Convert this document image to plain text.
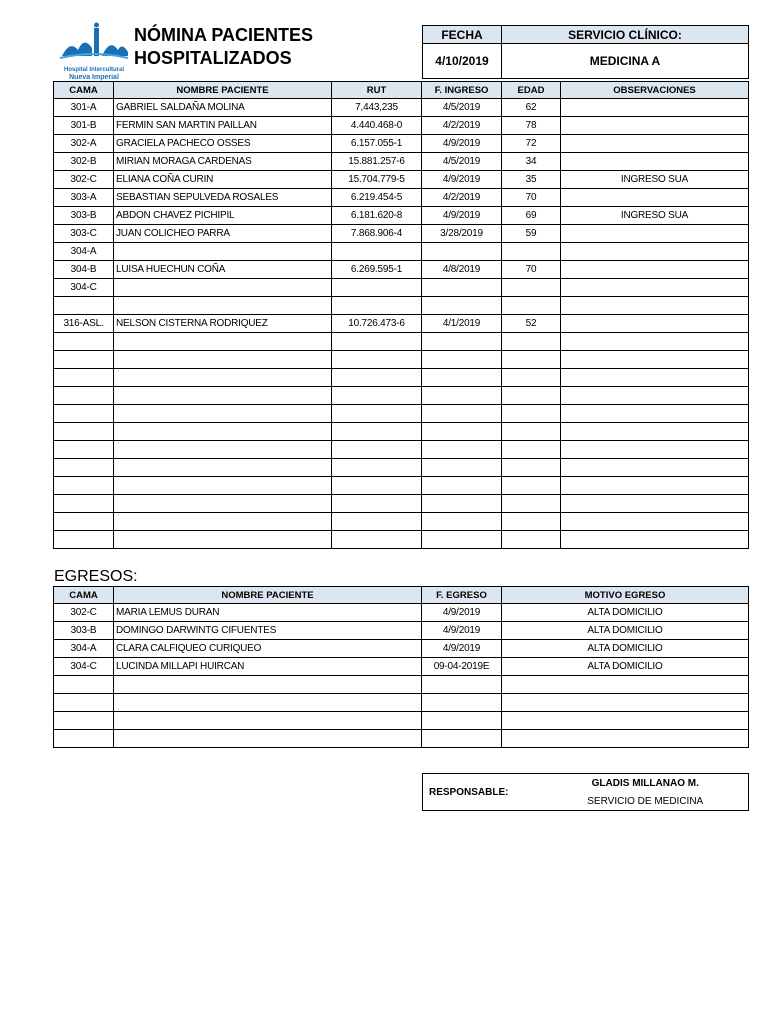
Hospital Intercultural
Nueva Imperial
NÓMINA PACIENTES
HOSPITALIZADOS
FECHA	SERVICIO CLÍNICO:
4/10/2019	MEDICINA A
CAMA	NOMBRE PACIENTE	RUT	F. INGRESO	EDAD	OBSERVACIONES
301-A	GABRIEL SALDAÑA MOLINA	7,443,235	4/5/2019	62	
301-B	FERMIN SAN MARTIN PAILLAN	4.440.468-0	4/2/2019	78	
302-A	GRACIELA PACHECO OSSES	6.157.055-1	4/9/2019	72	
302-B	MIRIAN MORAGA CARDENAS	15.881.257-6	4/5/2019	34	
302-C	ELIANA COÑA CURIN	15.704.779-5	4/9/2019	35	INGRESO SUA
303-A	SEBASTIAN SEPULVEDA ROSALES	6.219.454-5	4/2/2019	70	
303-B	ABDON CHAVEZ PICHIPIL	6.181.620-8	4/9/2019	69	INGRESO SUA
303-C	JUAN COLICHEO PARRA	7.868.906-4	3/28/2019	59	
304-A					
304-B	LUISA HUECHUN COÑA	6.269.595-1	4/8/2019	70	
304-C					

316-ASL.	NELSON CISTERNA RODRIQUEZ	10.726.473-6	4/1/2019	52	

EGRESOS:
CAMA	NOMBRE PACIENTE	F. EGRESO	MOTIVO EGRESO
302-C	MARIA LEMUS DURAN	4/9/2019	ALTA DOMICILIO
303-B	DOMINGO DARWINTG CIFUENTES	4/9/2019	ALTA DOMICILIO
304-A	CLARA CALFIQUEO CURIQUEO	4/9/2019	ALTA DOMICILIO
304-C	LUCINDA MILLAPI HUIRCAN	09-04-2019E	ALTA DOMICILIO

RESPONSABLE:	GLADIS MILLANAO M.
SERVICIO DE MEDICINA
